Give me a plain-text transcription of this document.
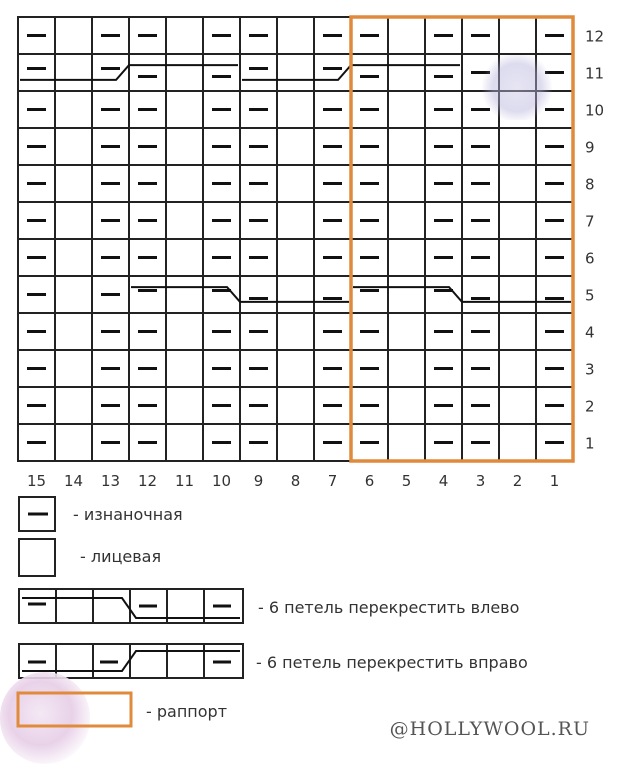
12
11
10
9
8
7
6
5
4
3
2
1
15 14 13 12 11 10 9 8 7 6 5 4 3 2 1
- изнаночная
- лицевая
- 6 петель перекрестить влево
- 6 петель перекрестить вправо
- раппорт
@HOLLYWOOL.RU
